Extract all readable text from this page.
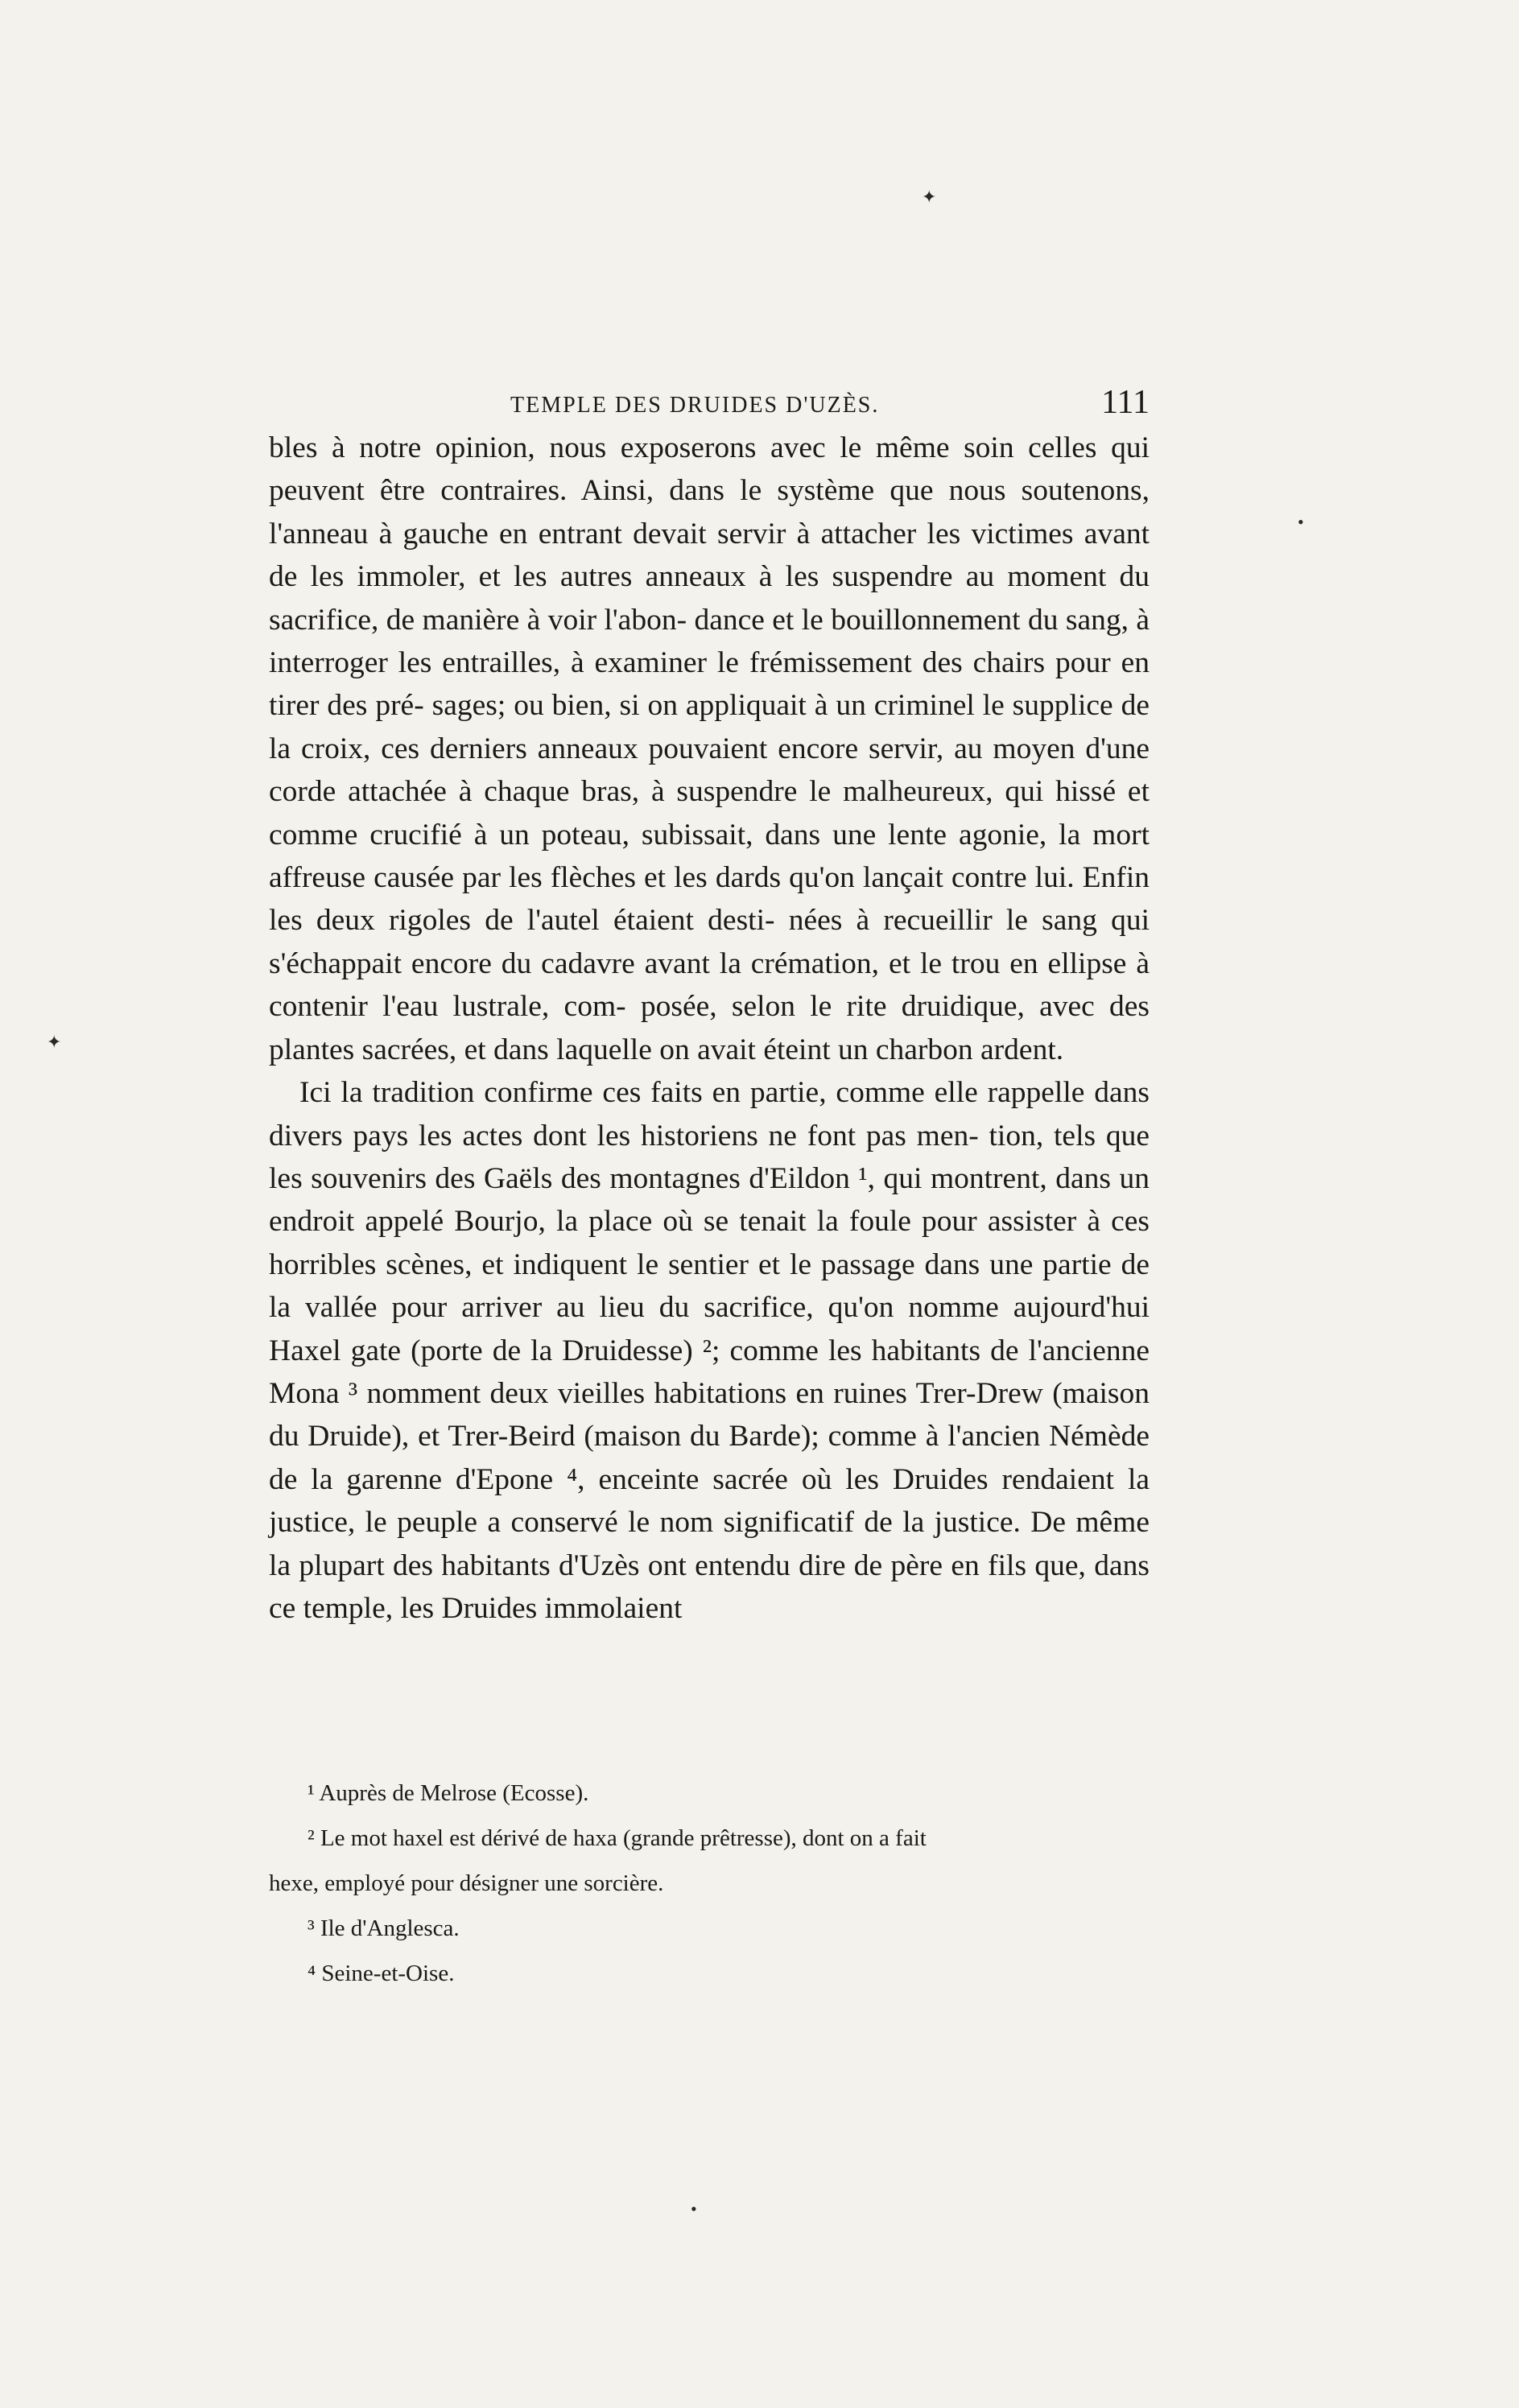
✦
✦
•
•
TEMPLE DES DRUIDES D'UZÈS.	111

bles à notre opinion, nous exposerons avec le même soin celles qui peuvent être contraires. Ainsi, dans le système que nous soutenons, l'anneau à gauche en entrant devait servir à attacher les victimes avant de les immoler, et les autres anneaux à les suspendre au moment du sacrifice, de manière à voir l'abon- dance et le bouillonnement du sang, à interroger les entrailles, à examiner le frémissement des chairs pour en tirer des pré- sages; ou bien, si on appliquait à un criminel le supplice de la croix, ces derniers anneaux pouvaient encore servir, au moyen d'une corde attachée à chaque bras, à suspendre le malheureux, qui hissé et comme crucifié à un poteau, subissait, dans une lente agonie, la mort affreuse causée par les flèches et les dards qu'on lançait contre lui. Enfin les deux rigoles de l'autel étaient desti- nées à recueillir le sang qui s'échappait encore du cadavre avant la crémation, et le trou en ellipse à contenir l'eau lustrale, com- posée, selon le rite druidique, avec des plantes sacrées, et dans laquelle on avait éteint un charbon ardent.

Ici la tradition confirme ces faits en partie, comme elle rappelle dans divers pays les actes dont les historiens ne font pas men- tion, tels que les souvenirs des Gaëls des montagnes d'Eildon ¹, qui montrent, dans un endroit appelé Bourjo, la place où se tenait la foule pour assister à ces horribles scènes, et indiquent le sentier et le passage dans une partie de la vallée pour arriver au lieu du sacrifice, qu'on nomme aujourd'hui Haxel gate (porte de la Druidesse) ²; comme les habitants de l'ancienne Mona ³ nomment deux vieilles habitations en ruines Trer-Drew (maison du Druide), et Trer-Beird (maison du Barde); comme à l'ancien Némède de la garenne d'Epone ⁴, enceinte sacrée où les Druides rendaient la justice, le peuple a conservé le nom significatif de la justice. De même la plupart des habitants d'Uzès ont entendu dire de père en fils que, dans ce temple, les Druides immolaient

¹ Auprès de Melrose (Ecosse).

² Le mot haxel est dérivé de haxa (grande prêtresse), dont on a fait

hexe, employé pour désigner une sorcière.

³ Ile d'Anglesca.

⁴ Seine-et-Oise.
